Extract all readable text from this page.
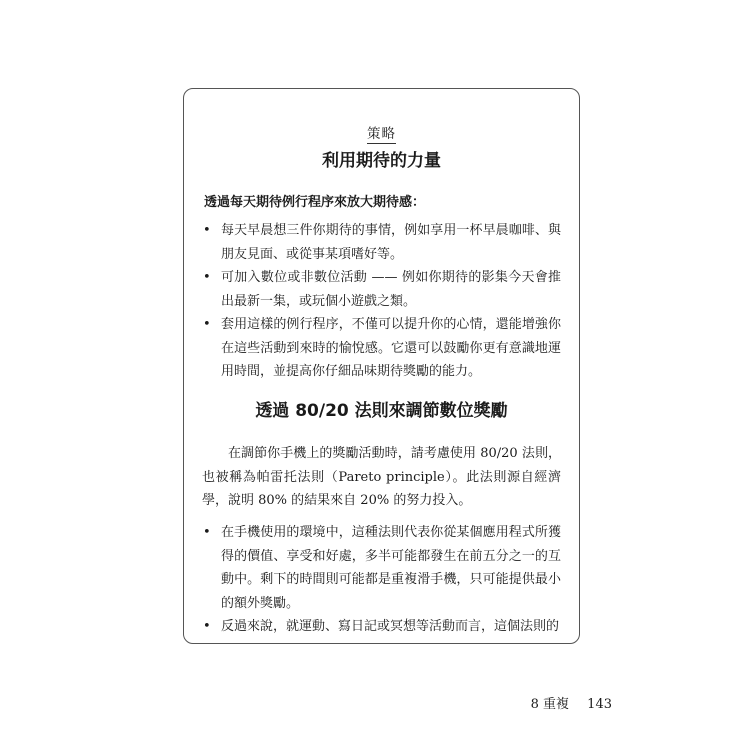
策略
利用期待的力量
透過每天期待例行程序來放大期待感：
• 每天早晨想三件你期待的事情，例如享用一杯早晨咖啡、與朋友見面、或從事某項嗜好等。
• 可加入數位或非數位活動 —— 例如你期待的影集今天會推出最新一集，或玩個小遊戲之類。
• 套用這樣的例行程序，不僅可以提升你的心情，還能增強你在這些活動到來時的愉悅感。它還可以鼓勵你更有意識地運用時間，並提高你仔細品味期待獎勵的能力。
透過 80/20 法則來調節數位獎勵

在調節你手機上的獎勵活動時，請考慮使用 80/20 法則，也被稱為帕雷托法則（Pareto principle）。此法則源自經濟學，說明 80% 的結果來自 20% 的努力投入。

• 在手機使用的環境中，這種法則代表你從某個應用程式所獲得的價值、享受和好處，多半可能都發生在前五分之一的互動中。剩下的時間則可能都是重複滑手機，只可能提供最小的額外獎勵。
• 反過來說，就運動、寫日記或冥想等活動而言，這個法則的
8 重複 143
